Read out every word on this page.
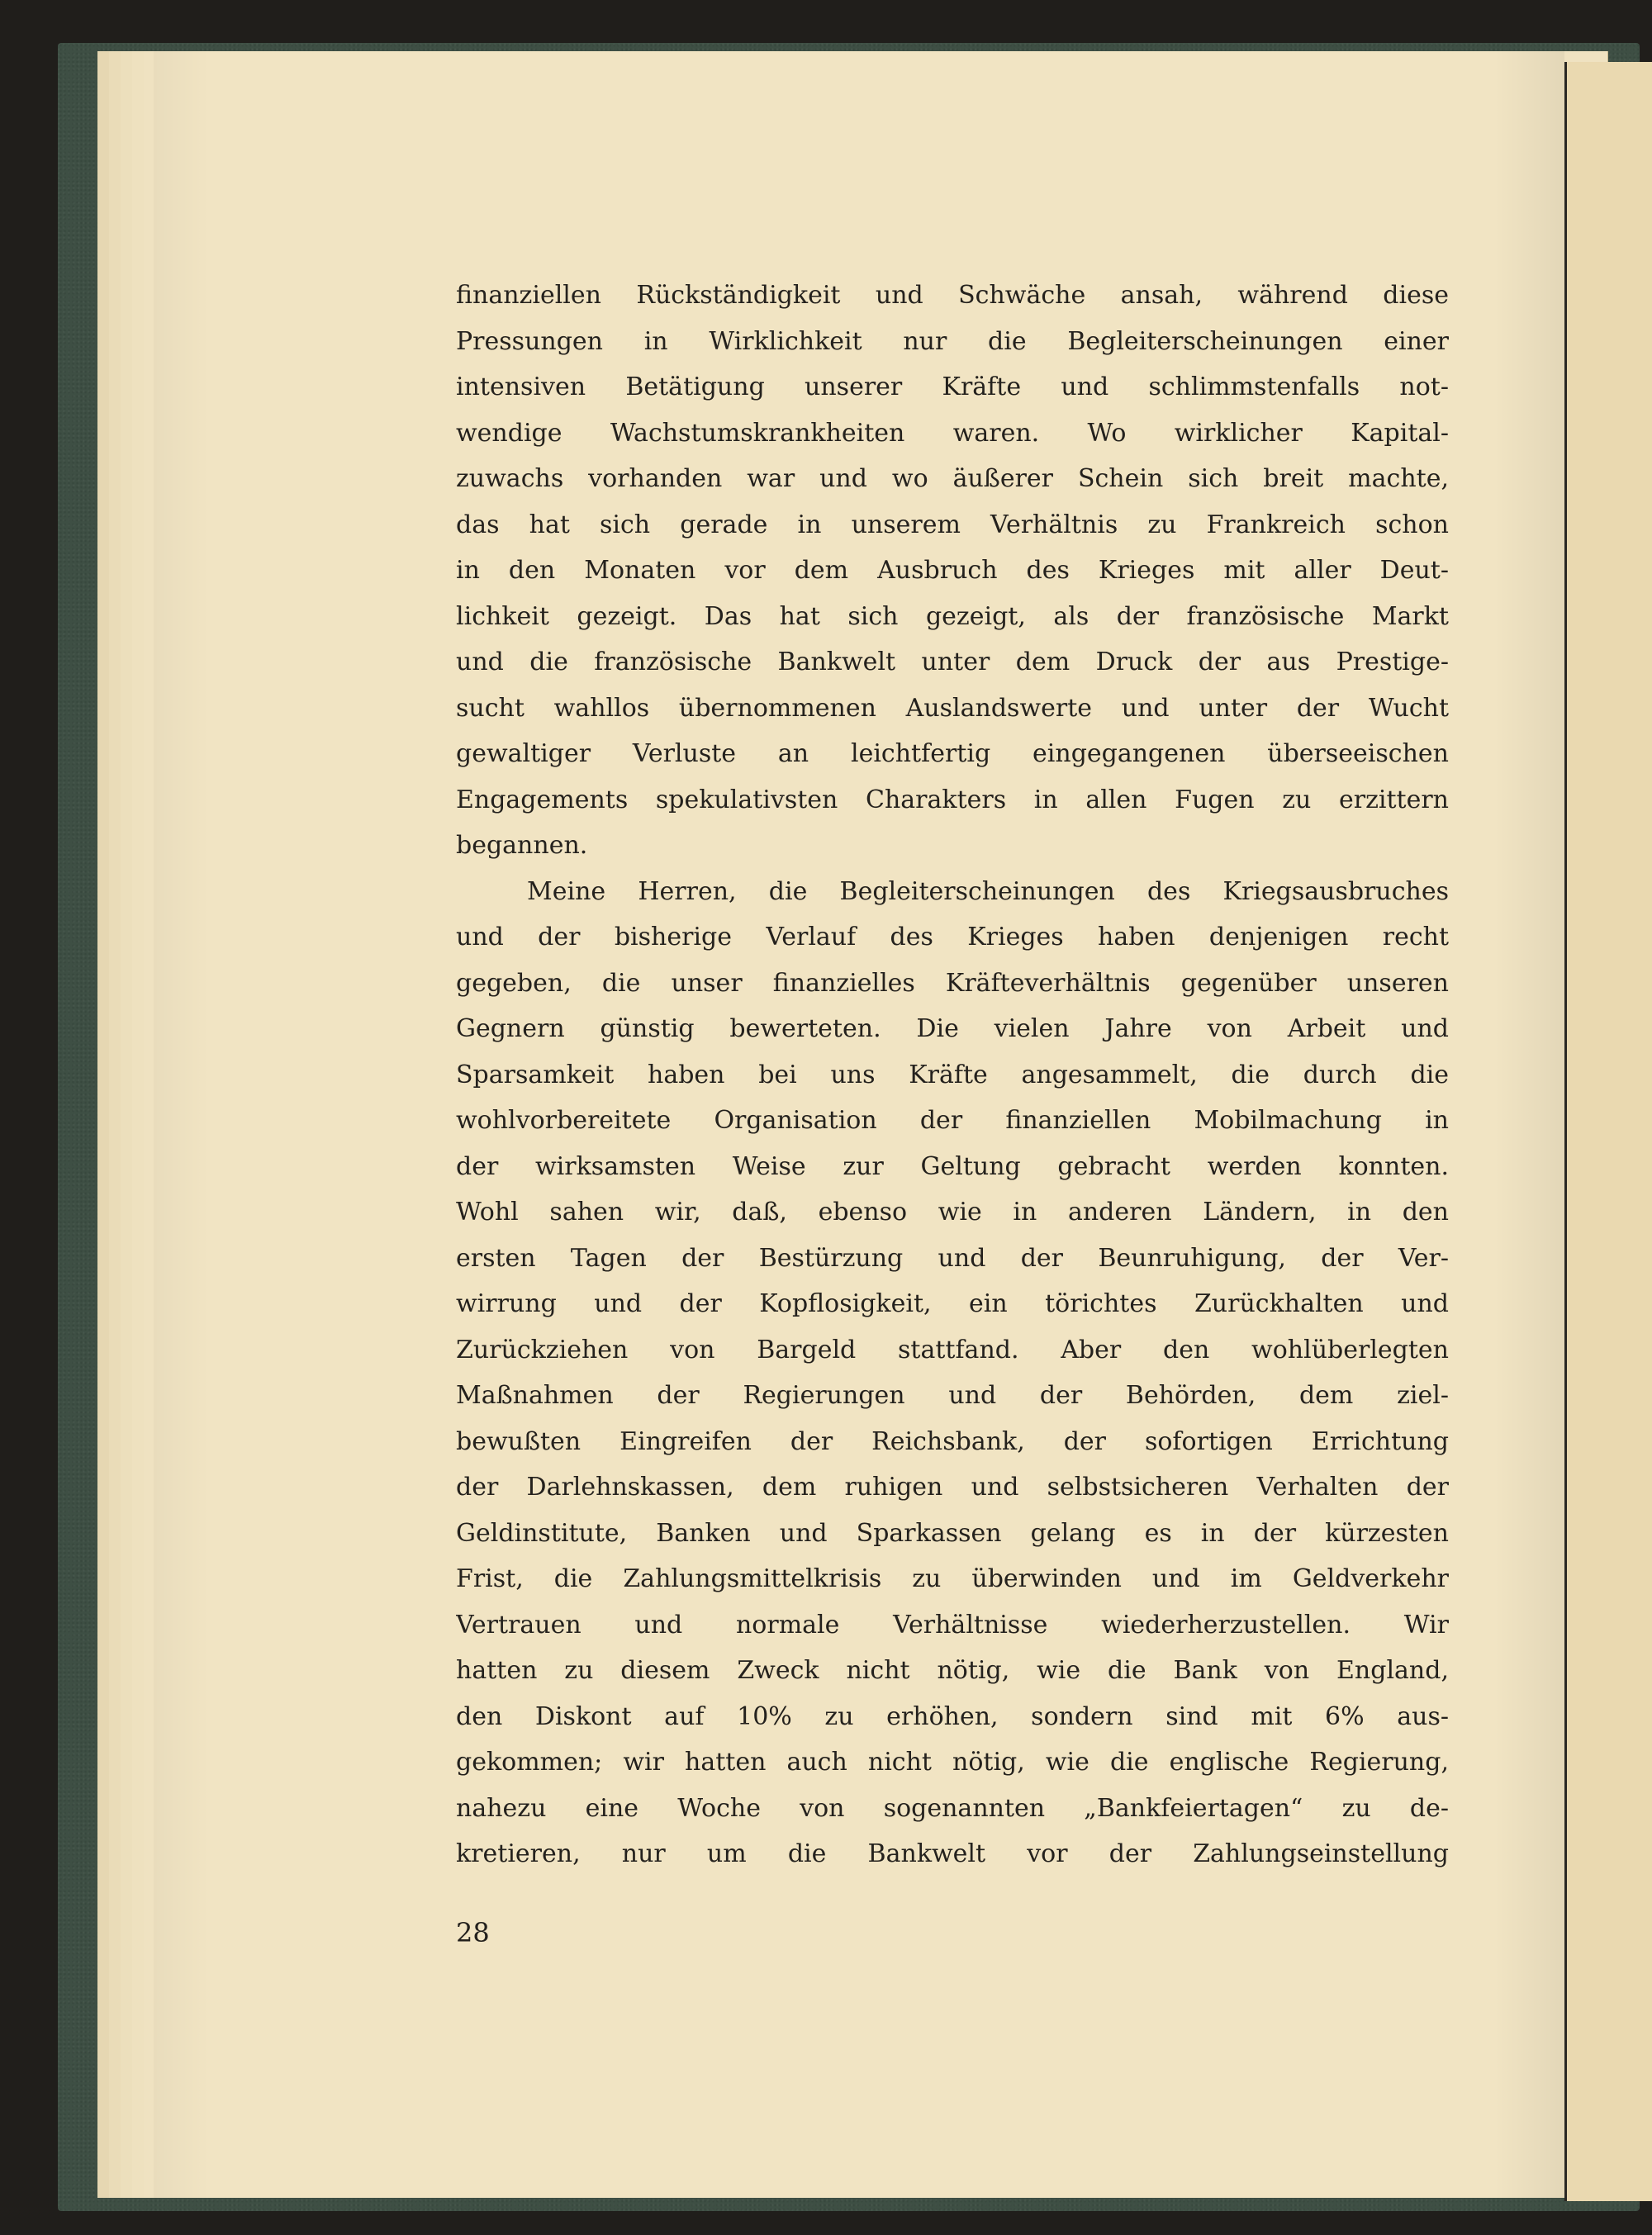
finanziellen Rückständigkeit und Schwäche ansah, während diese
Pressungen in Wirklichkeit nur die Begleiterscheinungen einer
intensiven Betätigung unserer Kräfte und schlimmstenfalls not-
wendige Wachstumskrankheiten waren. Wo wirklicher Kapital-
zuwachs vorhanden war und wo äußerer Schein sich breit machte,
das hat sich gerade in unserem Verhältnis zu Frankreich schon
in den Monaten vor dem Ausbruch des Krieges mit aller Deut-
lichkeit gezeigt. Das hat sich gezeigt, als der französische Markt
und die französische Bankwelt unter dem Druck der aus Prestige-
sucht wahllos übernommenen Auslandswerte und unter der Wucht
gewaltiger Verluste an leichtfertig eingegangenen überseeischen
Engagements spekulativsten Charakters in allen Fugen zu erzittern
begannen.
Meine Herren, die Begleiterscheinungen des Kriegsausbruches
und der bisherige Verlauf des Krieges haben denjenigen recht
gegeben, die unser finanzielles Kräfteverhältnis gegenüber unseren
Gegnern günstig bewerteten. Die vielen Jahre von Arbeit und
Sparsamkeit haben bei uns Kräfte angesammelt, die durch die
wohlvorbereitete Organisation der finanziellen Mobilmachung in
der wirksamsten Weise zur Geltung gebracht werden konnten.
Wohl sahen wir, daß, ebenso wie in anderen Ländern, in den
ersten Tagen der Bestürzung und der Beunruhigung, der Ver-
wirrung und der Kopflosigkeit, ein törichtes Zurückhalten und
Zurückziehen von Bargeld stattfand. Aber den wohlüberlegten
Maßnahmen der Regierungen und der Behörden, dem ziel-
bewußten Eingreifen der Reichsbank, der sofortigen Errichtung
der Darlehnskassen, dem ruhigen und selbstsicheren Verhalten der
Geldinstitute, Banken und Sparkassen gelang es in der kürzesten
Frist, die Zahlungsmittelkrisis zu überwinden und im Geldverkehr
Vertrauen und normale Verhältnisse wiederherzustellen. Wir
hatten zu diesem Zweck nicht nötig, wie die Bank von England,
den Diskont auf 10% zu erhöhen, sondern sind mit 6% aus-
gekommen; wir hatten auch nicht nötig, wie die englische Regierung,
nahezu eine Woche von sogenannten „Bankfeiertagen“ zu de-
kretieren, nur um die Bankwelt vor der Zahlungseinstellung
28
